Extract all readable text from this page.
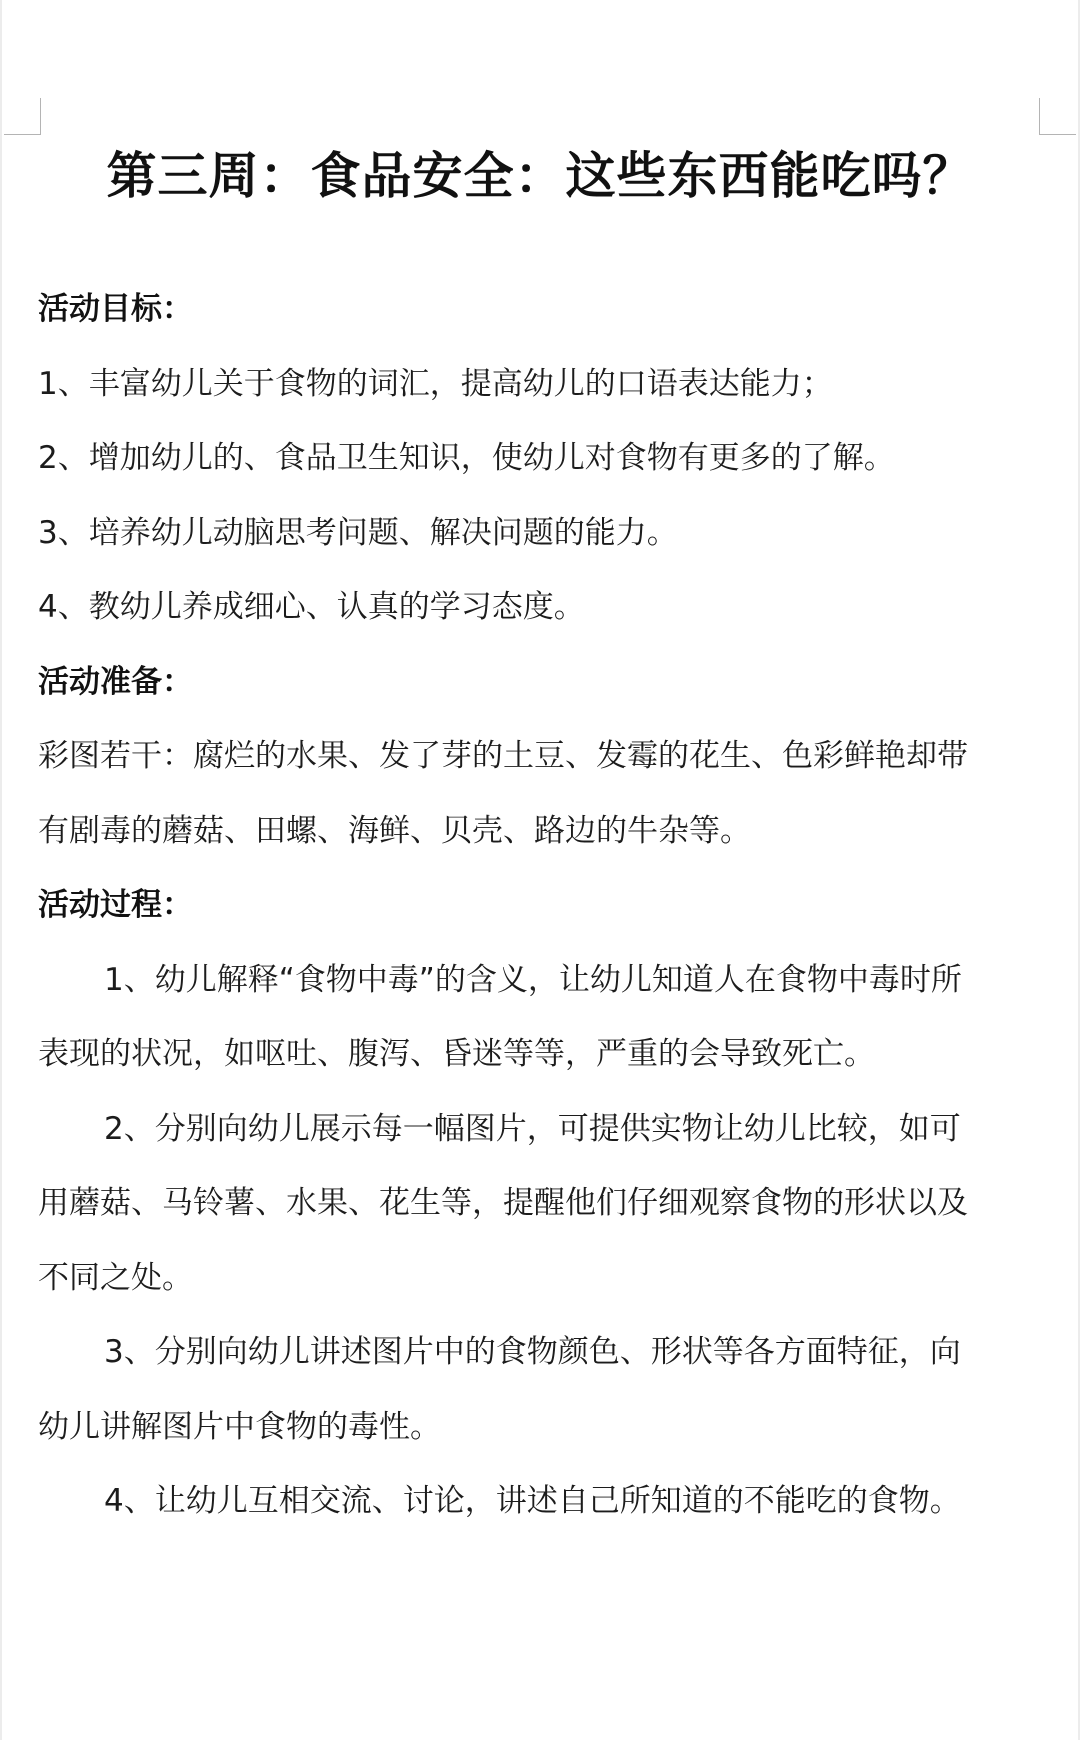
第三周：食品安全：这些东西能吃吗？

活动目标：

1、丰富幼儿关于食物的词汇，提高幼儿的口语表达能力；

2、增加幼儿的、食品卫生知识，使幼儿对食物有更多的了解。

3、培养幼儿动脑思考问题、解决问题的能力。

4、教幼儿养成细心、认真的学习态度。

活动准备：

彩图若干：腐烂的水果、发了芽的土豆、发霉的花生、色彩鲜艳却带

有剧毒的蘑菇、田螺、海鲜、贝壳、路边的牛杂等。

活动过程：

1、幼儿解释“食物中毒”的含义，让幼儿知道人在食物中毒时所

表现的状况，如呕吐、腹泻、昏迷等等，严重的会导致死亡。

2、分别向幼儿展示每一幅图片，可提供实物让幼儿比较，如可

用蘑菇、马铃薯、水果、花生等，提醒他们仔细观察食物的形状以及

不同之处。

3、分别向幼儿讲述图片中的食物颜色、形状等各方面特征，向

幼儿讲解图片中食物的毒性。

4、让幼儿互相交流、讨论，讲述自己所知道的不能吃的食物。
